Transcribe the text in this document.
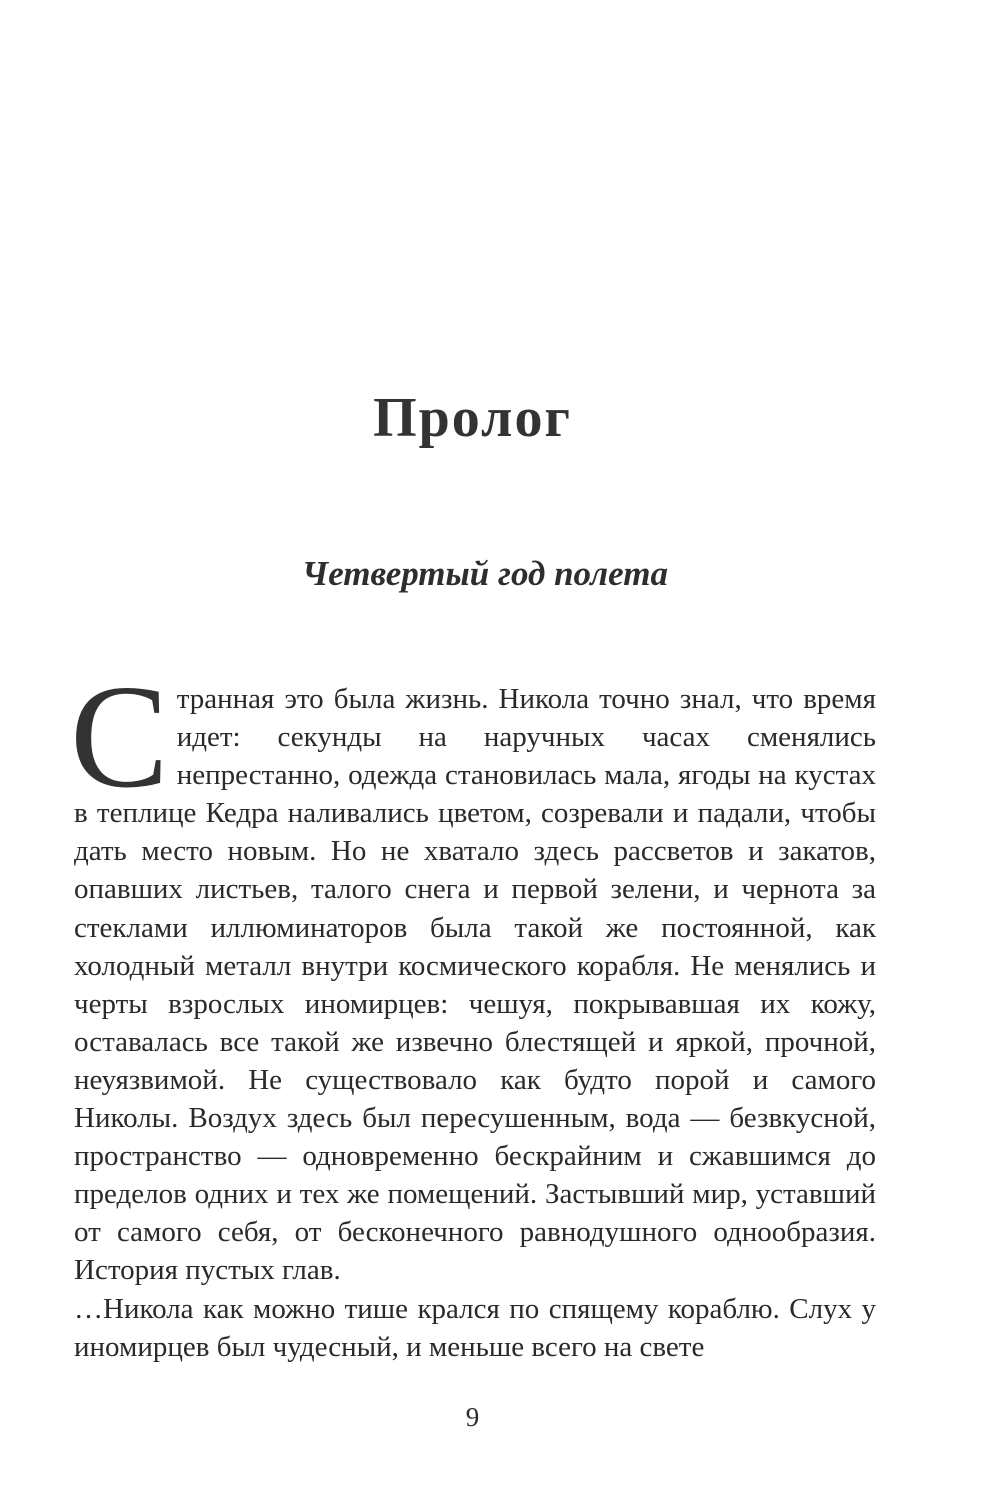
Пролог
Четвертый год полета

Странная это была жизнь. Никола точно знал, что время идет: секунды на наручных часах сменялись непрестанно, одежда становилась мала, ягоды на кустах в теплице Кедра наливались цветом, созревали и падали, чтобы дать место новым. Но не хватало здесь рассветов и закатов, опавших листьев, талого снега и первой зелени, и чернота за стеклами иллюминаторов была такой же постоянной, как холодный металл внутри космического корабля. Не менялись и черты взрослых иномирцев: чешуя, покрывавшая их кожу, оставалась все такой же извечно блестящей и яркой, прочной, неуязвимой. Не существовало как будто порой и самого Николы. Воздух здесь был пересушенным, вода — безвкусной, пространство — одновременно бескрайним и сжавшимся до пределов одних и тех же помещений. Застывший мир, уставший от самого себя, от бесконечного равнодушного однообразия. История пустых глав.

…Никола как можно тише крался по спящему кораблю. Слух у иномирцев был чудесный, и меньше всего на свете

9
